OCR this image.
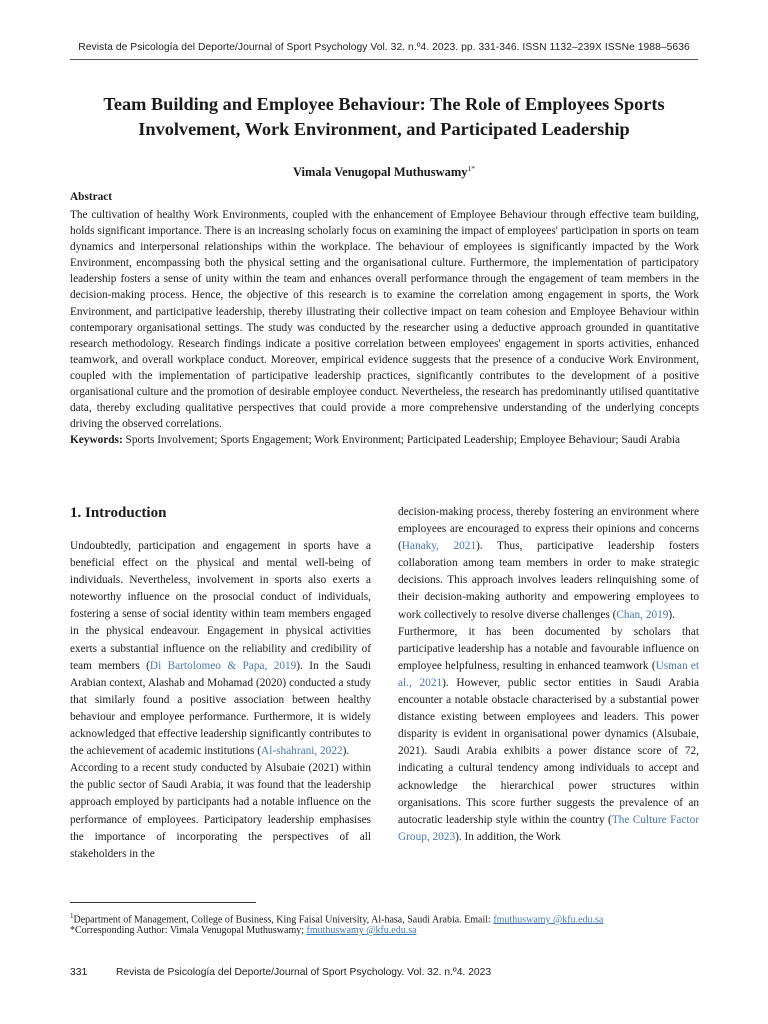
Revista de Psicología del Deporte/Journal of Sport Psychology Vol. 32. n.º4. 2023. pp. 331-346. ISSN 1132–239X ISSNe 1988–5636
Team Building and Employee Behaviour: The Role of Employees Sports
Involvement, Work Environment, and Participated Leadership
Vimala Venugopal Muthuswamy$^{1*}$
Abstract

The cultivation of healthy Work Environments, coupled with the enhancement of Employee Behaviour through effective team building, holds significant importance. There is an increasing scholarly focus on examining the impact of employees' participation in sports on team dynamics and interpersonal relationships within the workplace. The behaviour of employees is significantly impacted by the Work Environment, encompassing both the physical setting and the organisational culture. Furthermore, the implementation of participatory leadership fosters a sense of unity within the team and enhances overall performance through the engagement of team members in the decision-making process. Hence, the objective of this research is to examine the correlation among engagement in sports, the Work Environment, and participative leadership, thereby illustrating their collective impact on team cohesion and Employee Behaviour within contemporary organisational settings. The study was conducted by the researcher using a deductive approach grounded in quantitative research methodology. Research findings indicate a positive correlation between employees' engagement in sports activities, enhanced teamwork, and overall workplace conduct. Moreover, empirical evidence suggests that the presence of a conducive Work Environment, coupled with the implementation of participative leadership practices, significantly contributes to the development of a positive organisational culture and the promotion of desirable employee conduct. Nevertheless, the research has predominantly utilised quantitative data, thereby excluding qualitative perspectives that could provide a more comprehensive understanding of the underlying concepts driving the observed correlations.

Keywords: Sports Involvement; Sports Engagement; Work Environment; Participated Leadership; Employee Behaviour; Saudi Arabia

1. Introduction

Undoubtedly, participation and engagement in sports have a beneficial effect on the physical and mental well-being of individuals. Nevertheless, involvement in sports also exerts a noteworthy influence on the prosocial conduct of individuals, fostering a sense of social identity within team members engaged in the physical endeavour. Engagement in physical activities exerts a substantial influence on the reliability and credibility of team members (Di Bartolomeo & Papa, 2019). In the Saudi Arabian context, Alashab and Mohamad (2020) conducted a study that similarly found a positive association between healthy behaviour and employee performance. Furthermore, it is widely acknowledged that effective leadership significantly contributes to the achievement of academic institutions (Al-shahrani, 2022).

According to a recent study conducted by Alsubaie (2021) within the public sector of Saudi Arabia, it was found that the leadership approach employed by participants had a notable influence on the performance of employees. Participatory leadership emphasises the importance of incorporating the perspectives of all stakeholders in the

decision-making process, thereby fostering an environment where employees are encouraged to express their opinions and concerns (Hanaky, 2021). Thus, participative leadership fosters collaboration among team members in order to make strategic decisions. This approach involves leaders relinquishing some of their decision-making authority and empowering employees to work collectively to resolve diverse challenges (Chan, 2019).

Furthermore, it has been documented by scholars that participative leadership has a notable and favourable influence on employee helpfulness, resulting in enhanced teamwork (Usman et al., 2021). However, public sector entities in Saudi Arabia encounter a notable obstacle characterised by a substantial power distance existing between employees and leaders. This power disparity is evident in organisational power dynamics (Alsubaie, 2021). Saudi Arabia exhibits a power distance score of 72, indicating a cultural tendency among individuals to accept and acknowledge the hierarchical power structures within organisations. This score further suggests the prevalence of an autocratic leadership style within the country (The Culture Factor Group, 2023). In addition, the Work

$^1$Department of Management, College of Business, King Faisal University, Al-hasa, Saudi Arabia. Email: fmuthuswamy @kfu.edu.sa
*Corresponding Author: Vimala Venugopal Muthuswamy; fmuthuswamy @kfu.edu.sa
331	Revista de Psicología del Deporte/Journal of Sport Psychology. Vol. 32. n.º4. 2023
